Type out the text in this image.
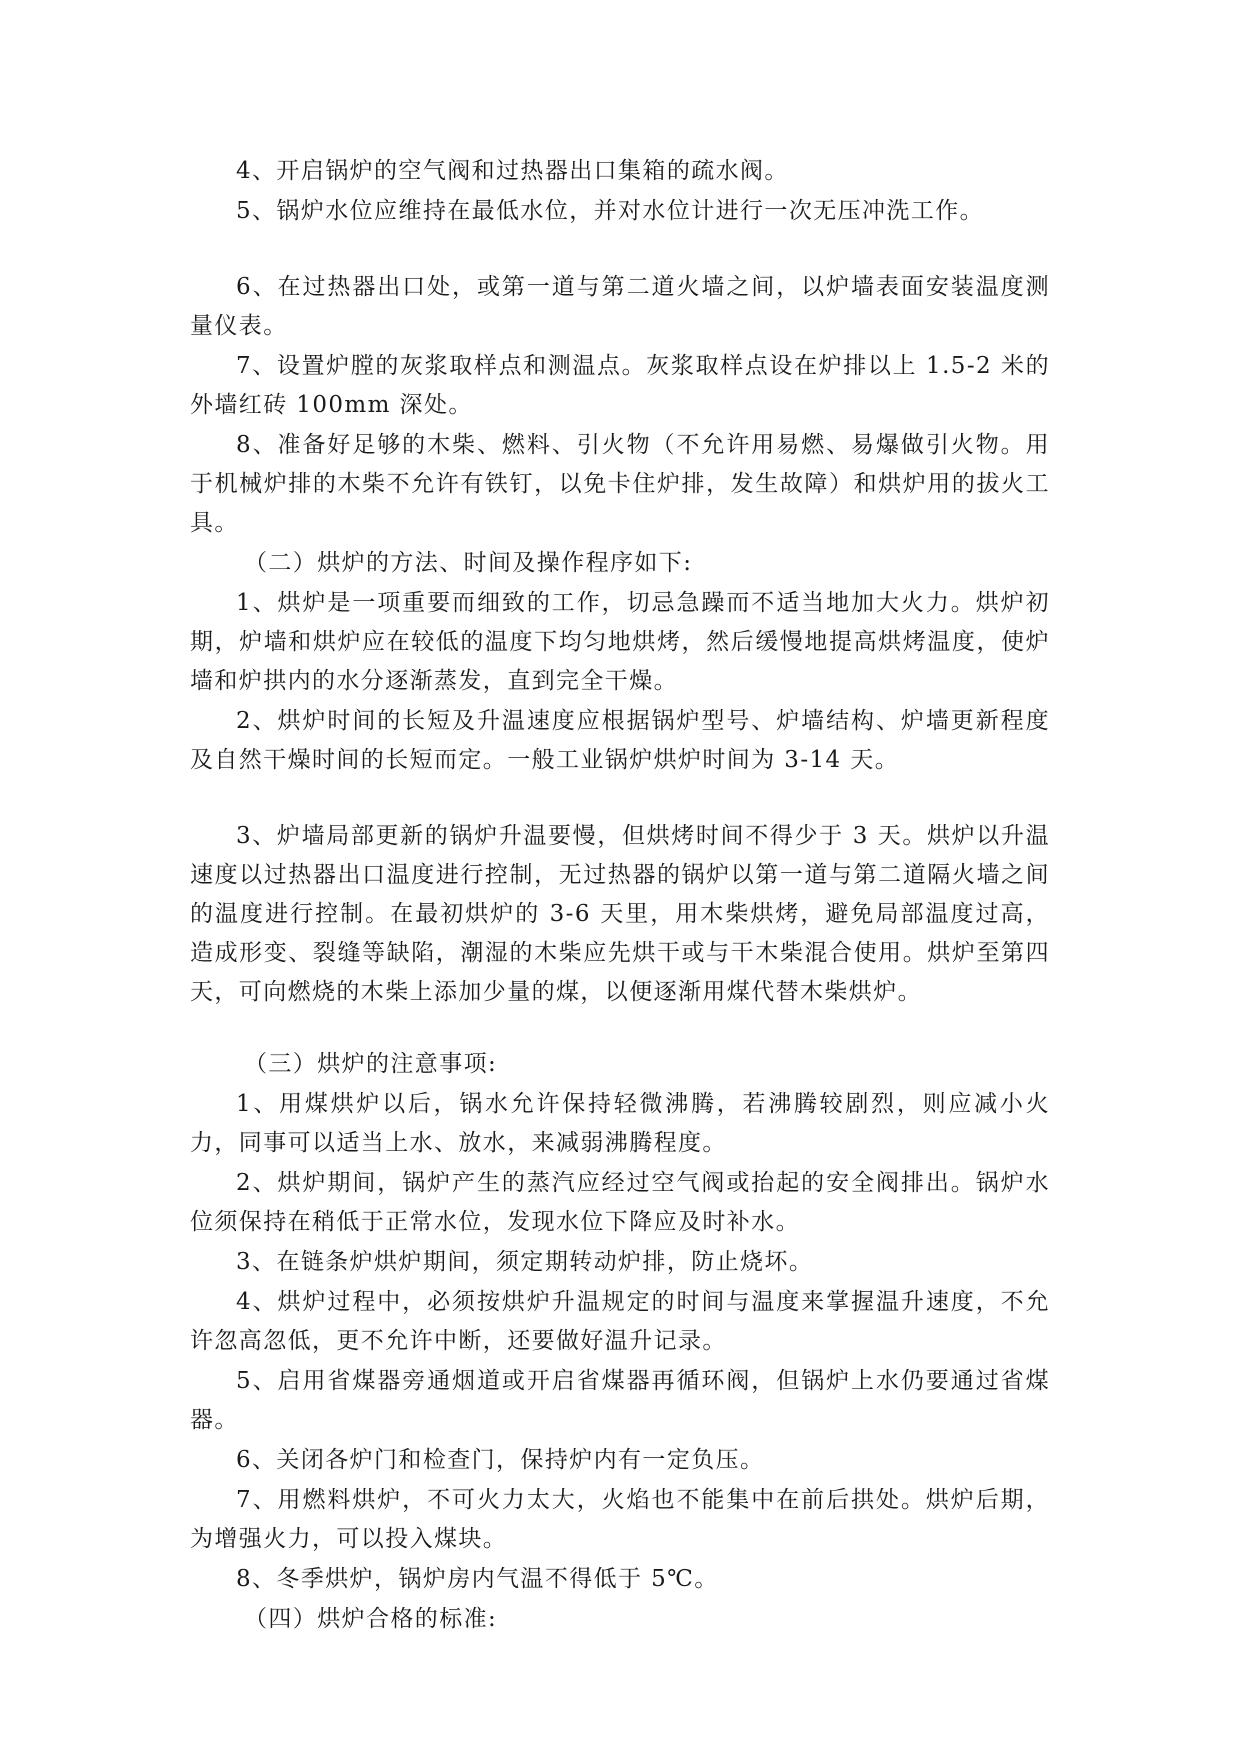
4、开启锅炉的空气阀和过热器出口集箱的疏水阀。

5、锅炉水位应维持在最低水位，并对水位计进行一次无压冲洗工作。

6、在过热器出口处，或第一道与第二道火墙之间，以炉墙表面安装温度测量仪表。

7、设置炉膛的灰浆取样点和测温点。灰浆取样点设在炉排以上 1.5-2 米的外墙红砖 100mm 深处。

8、准备好足够的木柴、燃料、引火物（不允许用易燃、易爆做引火物。用于机械炉排的木柴不允许有铁钉，以免卡住炉排，发生故障）和烘炉用的拔火工具。

（二）烘炉的方法、时间及操作程序如下:

1、烘炉是一项重要而细致的工作，切忌急躁而不适当地加大火力。烘炉初期，炉墙和烘炉应在较低的温度下均匀地烘烤，然后缓慢地提高烘烤温度，使炉墙和炉拱内的水分逐渐蒸发，直到完全干燥。

2、烘炉时间的长短及升温速度应根据锅炉型号、炉墙结构、炉墙更新程度及自然干燥时间的长短而定。一般工业锅炉烘炉时间为 3-14 天。

3、炉墙局部更新的锅炉升温要慢，但烘烤时间不得少于 3 天。烘炉以升温速度以过热器出口温度进行控制，无过热器的锅炉以第一道与第二道隔火墙之间的温度进行控制。在最初烘炉的 3-6 天里，用木柴烘烤，避免局部温度过高，造成形变、裂缝等缺陷，潮湿的木柴应先烘干或与干木柴混合使用。烘炉至第四天，可向燃烧的木柴上添加少量的煤，以便逐渐用煤代替木柴烘炉。

（三）烘炉的注意事项:

1、用煤烘炉以后，锅水允许保持轻微沸腾，若沸腾较剧烈，则应减小火力，同事可以适当上水、放水，来减弱沸腾程度。

2、烘炉期间，锅炉产生的蒸汽应经过空气阀或抬起的安全阀排出。锅炉水位须保持在稍低于正常水位，发现水位下降应及时补水。

3、在链条炉烘炉期间，须定期转动炉排，防止烧坏。

4、烘炉过程中，必须按烘炉升温规定的时间与温度来掌握温升速度，不允许忽高忽低，更不允许中断，还要做好温升记录。

5、启用省煤器旁通烟道或开启省煤器再循环阀，但锅炉上水仍要通过省煤器。

6、关闭各炉门和检查门，保持炉内有一定负压。

7、用燃料烘炉，不可火力太大，火焰也不能集中在前后拱处。烘炉后期，为增强火力，可以投入煤块。

8、冬季烘炉，锅炉房内气温不得低于 5℃。

（四）烘炉合格的标准:
